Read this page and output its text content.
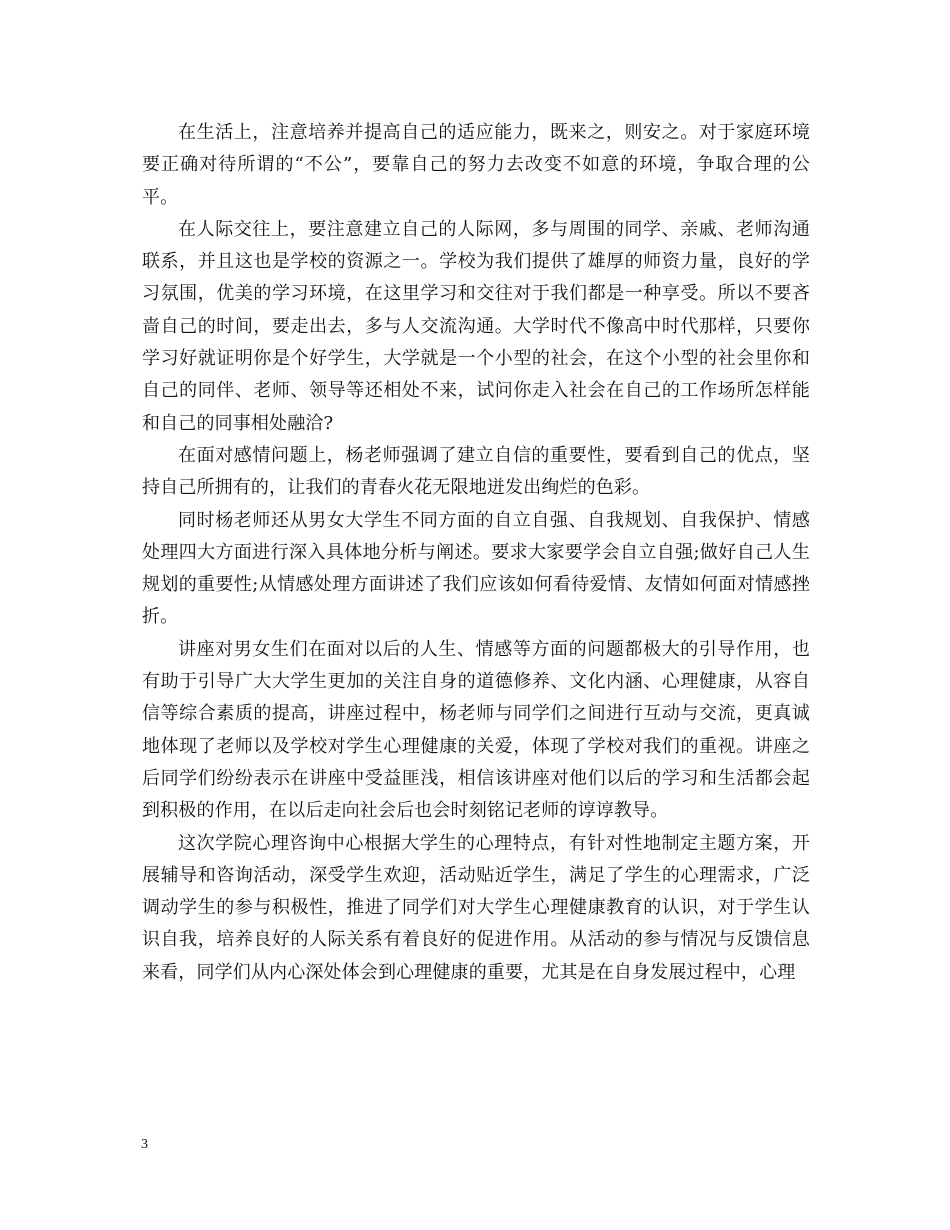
在生活上，注意培养并提高自己的适应能力，既来之，则安之。对于家庭环境要正确对待所谓的“不公”，要靠自己的努力去改变不如意的环境，争取合理的公平。

在人际交往上，要注意建立自己的人际网，多与周围的同学、亲戚、老师沟通联系，并且这也是学校的资源之一。学校为我们提供了雄厚的师资力量，良好的学习氛围，优美的学习环境，在这里学习和交往对于我们都是一种享受。所以不要吝啬自己的时间，要走出去，多与人交流沟通。大学时代不像高中时代那样，只要你学习好就证明你是个好学生，大学就是一个小型的社会，在这个小型的社会里你和自己的同伴、老师、领导等还相处不来，试问你走入社会在自己的工作场所怎样能和自己的同事相处融洽?

在面对感情问题上，杨老师强调了建立自信的重要性，要看到自己的优点，坚持自己所拥有的，让我们的青春火花无限地迸发出绚烂的色彩。

同时杨老师还从男女大学生不同方面的自立自强、自我规划、自我保护、情感处理四大方面进行深入具体地分析与阐述。要求大家要学会自立自强;做好自己人生规划的重要性;从情感处理方面讲述了我们应该如何看待爱情、友情如何面对情感挫折。

讲座对男女生们在面对以后的人生、情感等方面的问题都极大的引导作用，也有助于引导广大大学生更加的关注自身的道德修养、文化内涵、心理健康，从容自信等综合素质的提高，讲座过程中，杨老师与同学们之间进行互动与交流，更真诚地体现了老师以及学校对学生心理健康的关爱，体现了学校对我们的重视。讲座之后同学们纷纷表示在讲座中受益匪浅，相信该讲座对他们以后的学习和生活都会起到积极的作用，在以后走向社会后也会时刻铭记老师的谆谆教导。

这次学院心理咨询中心根据大学生的心理特点，有针对性地制定主题方案，开展辅导和咨询活动，深受学生欢迎，活动贴近学生，满足了学生的心理需求，广泛调动学生的参与积极性，推进了同学们对大学生心理健康教育的认识，对于学生认识自我，培养良好的人际关系有着良好的促进作用。从活动的参与情况与反馈信息来看，同学们从内心深处体会到心理健康的重要，尤其是在自身发展过程中，心理

3
